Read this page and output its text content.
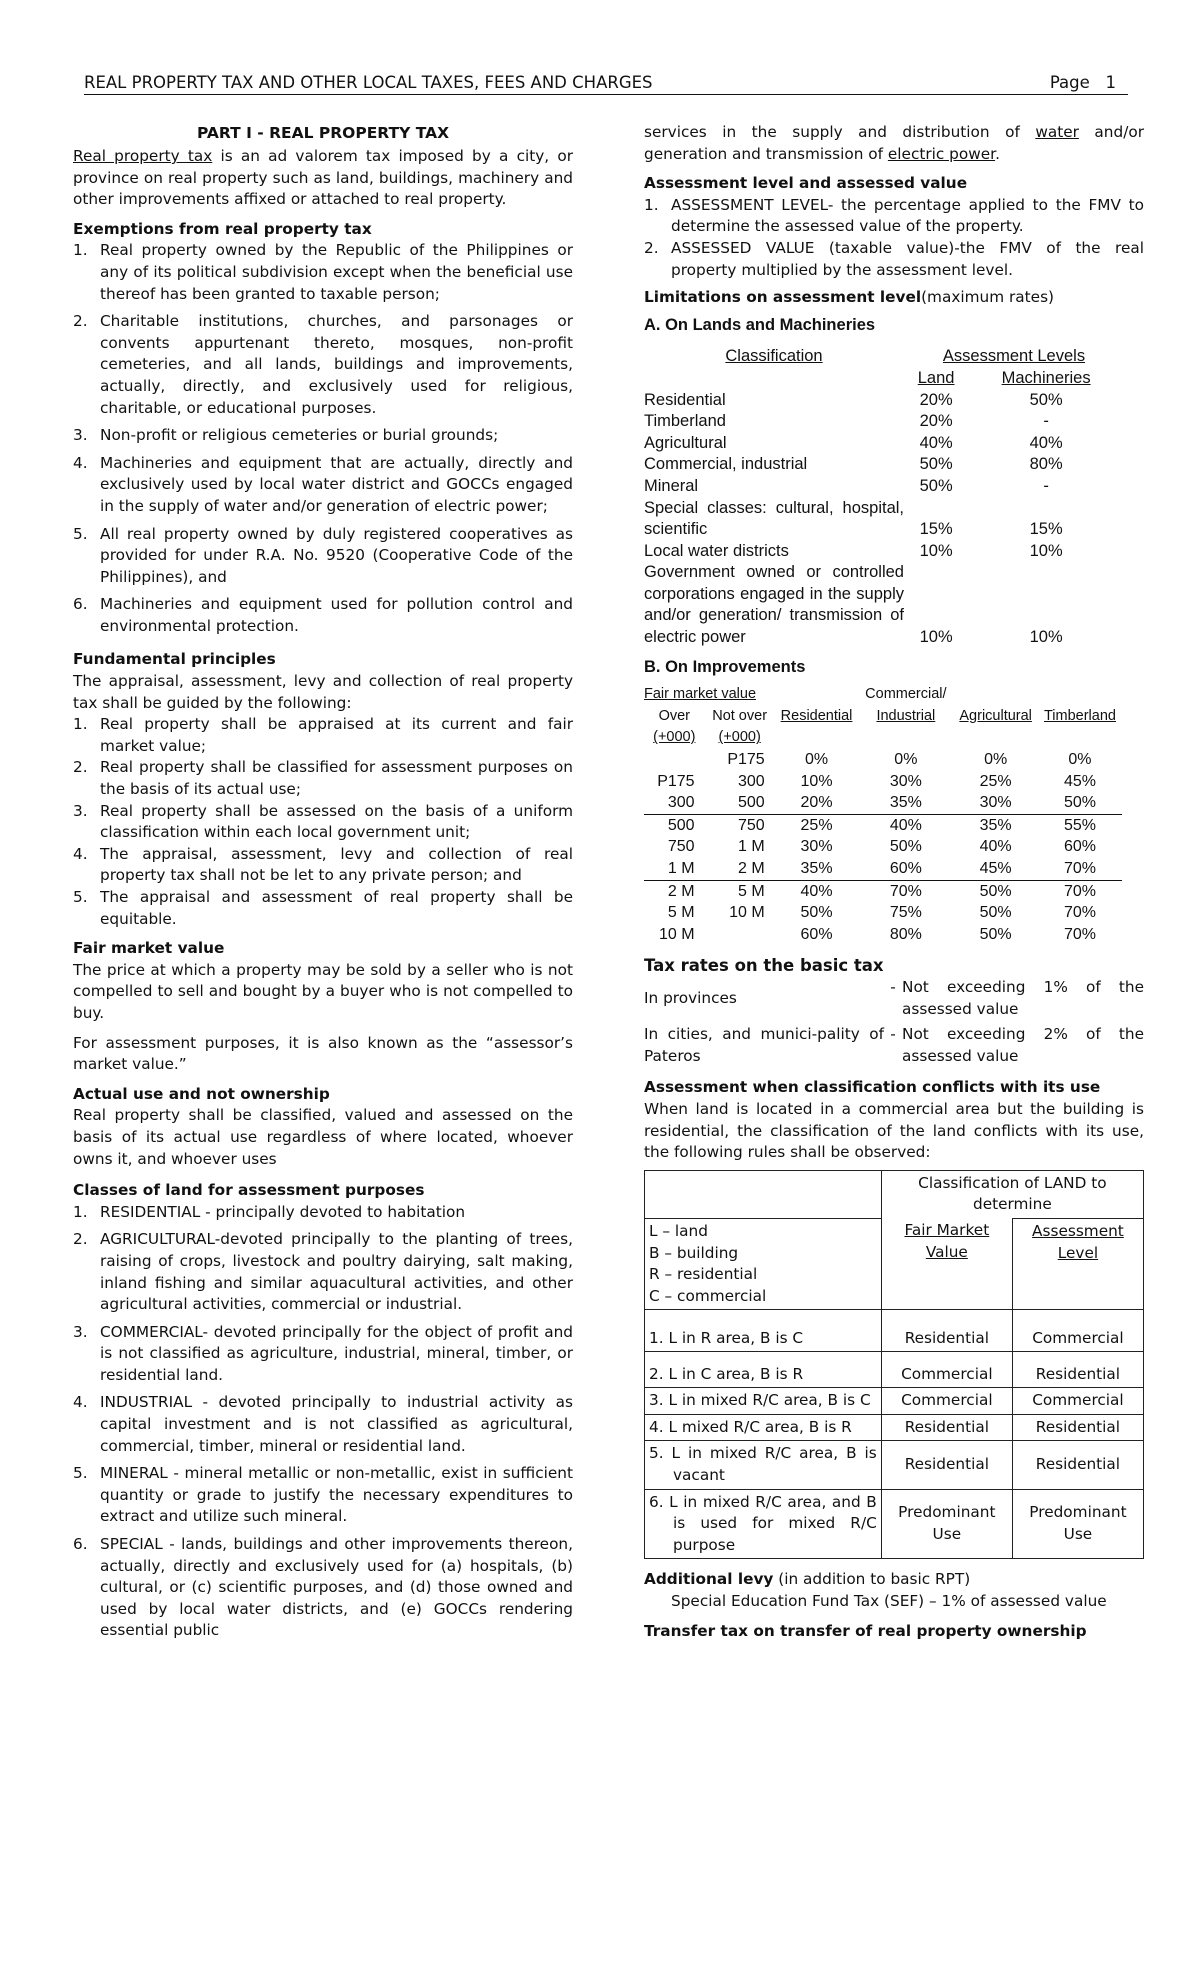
REAL PROPERTY TAX AND OTHER LOCAL TAXES, FEES AND CHARGES	Page   1
PART I - REAL PROPERTY TAX

Real property tax is an ad valorem tax imposed by a city, or province on real property such as land, buildings, machinery and other improvements affixed or attached to real property.

Exemptions from real property tax
1. Real property owned by the Republic of the Philippines or any of its political subdivision except when the beneficial use thereof has been granted to taxable person;
2. Charitable institutions, churches, and parsonages or convents appurtenant thereto, mosques, non-profit cemeteries, and all lands, buildings and improvements, actually, directly, and exclusively used for religious, charitable, or educational purposes.
3. Non-profit or religious cemeteries or burial grounds;
4. Machineries and equipment that are actually, directly and exclusively used by local water district and GOCCs engaged in the supply of water and/or generation of electric power;
5. All real property owned by duly registered cooperatives as provided for under R.A. No. 9520 (Cooperative Code of the Philippines), and
6. Machineries and equipment used for pollution control and environmental protection.
Fundamental principles

The appraisal, assessment, levy and collection of real property tax shall be guided by the following:

1. Real property shall be appraised at its current and fair market value;
2. Real property shall be classified for assessment purposes on the basis of its actual use;
3. Real property shall be assessed on the basis of a uniform classification within each local government unit;
4. The appraisal, assessment, levy and collection of real property tax shall not be let to any private person; and
5. The appraisal and assessment of real property shall be equitable.
Fair market value

The price at which a property may be sold by a seller who is not compelled to sell and bought by a buyer who is not compelled to buy.

For assessment purposes, it is also known as the “assessor’s market value.”

Actual use and not ownership

Real property shall be classified, valued and assessed on the basis of its actual use regardless of where located, whoever owns it, and whoever uses

Classes of land for assessment purposes
1. RESIDENTIAL - principally devoted to habitation
2. AGRICULTURAL-devoted principally to the planting of trees, raising of crops, livestock and poultry dairying, salt making, inland fishing and similar aquacultural activities, and other agricultural activities, commercial or industrial.
3. COMMERCIAL- devoted principally for the object of profit and is not classified as agriculture, industrial, mineral, timber, or residential land.
4. INDUSTRIAL - devoted principally to industrial activity as capital investment and is not classified as agricultural, commercial, timber, mineral or residential land.
5. MINERAL - mineral metallic or non-metallic, exist in sufficient quantity or grade to justify the necessary expenditures to extract and utilize such mineral.
6. SPECIAL - lands, buildings and other improvements thereon, actually, directly and exclusively used for (a) hospitals, (b) cultural, or (c) scientific purposes, and (d) those owned and used by local water districts, and (e) GOCCs rendering essential public

services in the supply and distribution of water and/or generation and transmission of electric power.

Assessment level and assessed value
1. ASSESSMENT LEVEL- the percentage applied to the FMV to determine the assessed value of the property.
2. ASSESSED VALUE (taxable value)-the FMV of the real property multiplied by the assessment level.
Limitations on assessment level(maximum rates)
A. On Lands and Machineries
Classification	Assessment Levels	
	Land	Machineries
Residential	20%	50%
Timberland	20%	-
Agricultural	40%	40%
Commercial, industrial	50%	80%
Mineral	50%	-
Special classes: cultural, hospital, scientific	15%	15%
Local water districts	10%	10%
Government owned or controlled corporations engaged in the supply and/or generation/ transmission of electric power	10%	10%
B. On Improvements
Fair market value			Commercial/		
Over	Not over	Residential	Industrial	Agricultural	Timberland
(+000)	(+000)				
	P175	0%	0%	0%	0%
P175	300	10%	30%	25%	45%
300	500	20%	35%	30%	50%
500	750	25%	40%	35%	55%
750	1 M	30%	50%	40%	60%
1 M	2 M	35%	60%	45%	70%
2 M	5 M	40%	70%	50%	70%
5 M	10 M	50%	75%	50%	70%
10 M		60%	80%	50%	70%
Tax rates on the basic tax
In provinces	-	Not exceeding 1% of the assessed value
In cities, and munici-pality of Pateros	-	Not exceeding 2% of the assessed value
Assessment when classification conflicts with its use

When land is located in a commercial area but the building is residential, the classification of the land conflicts with its use, the following rules shall be observed:

	Classification of LAND to determine	

L – land
B – building
R – residential
C – commercial	Fair Market Value	Assessment Level
1. L in R area, B is C	Residential	Commercial
2. L in C area, B is R	Commercial	Residential
3. L in mixed R/C area, B is C	Commercial	Commercial
4. L mixed R/C area, B is R	Residential	Residential
5. L in mixed R/C area, B is vacant	Residential	Residential
6. L in mixed R/C area, and B is used for mixed R/C purpose	Predominant Use	Predominant Use
Additional levy (in addition to basic RPT)

Special Education Fund Tax (SEF) – 1% of assessed value

Transfer tax on transfer of real property ownership
